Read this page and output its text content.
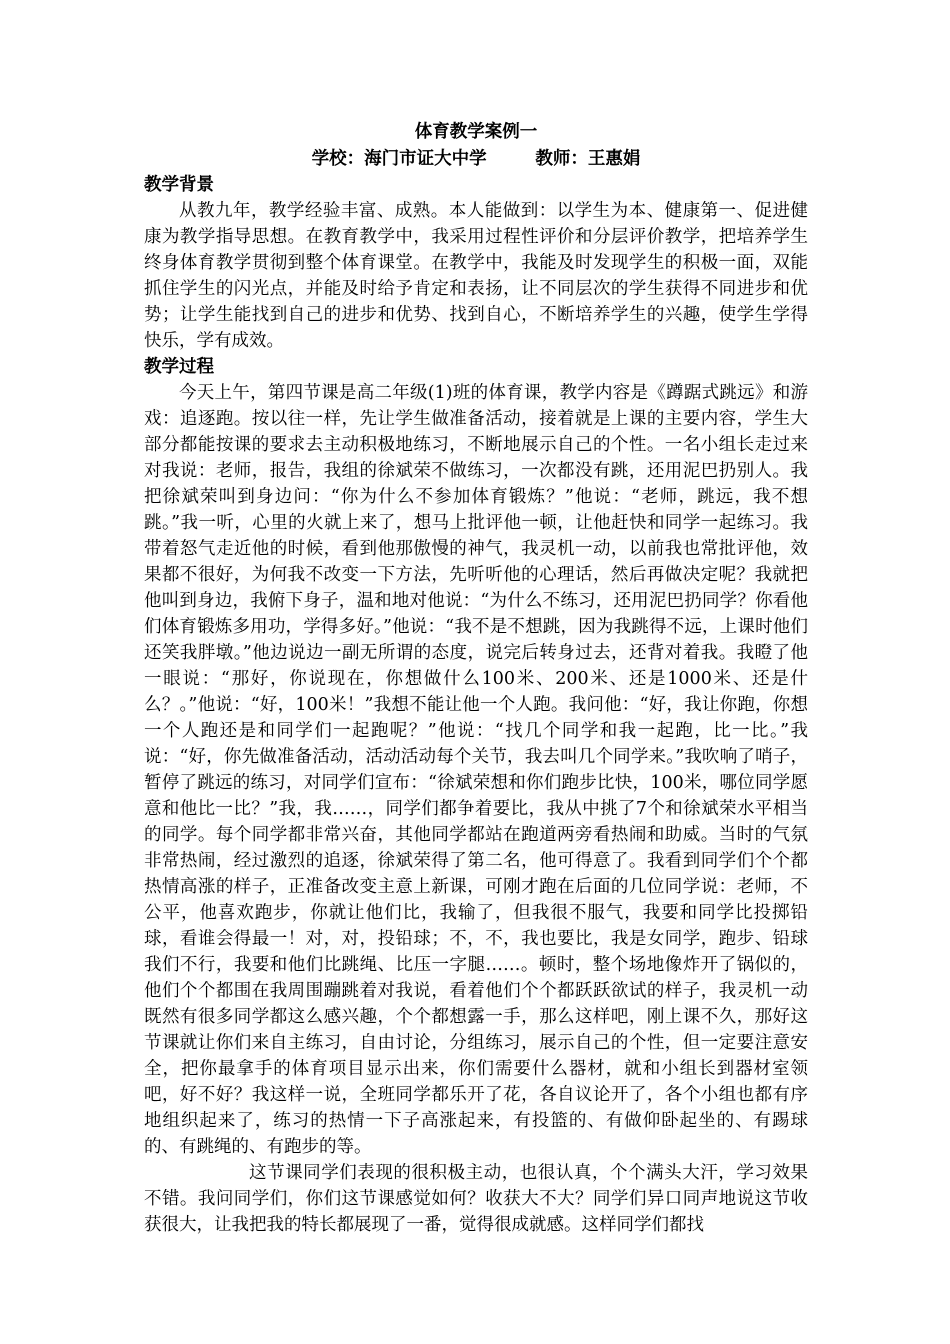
体育教学案例一
学校：海门市证大中学        教师：王惠娟
教学背景

从教九年，教学经验丰富、成熟。本人能做到：以学生为本、健康第一、促进健康为教学指导思想。在教育教学中，我采用过程性评价和分层评价教学，把培养学生终身体育教学贯彻到整个体育课堂。在教学中，我能及时发现学生的积极一面，双能抓住学生的闪光点，并能及时给予肯定和表扬，让不同层次的学生获得不同进步和优势；让学生能找到自己的进步和优势、找到自心，不断培养学生的兴趣，使学生学得快乐，学有成效。

教学过程

今天上午，第四节课是高二年级(1)班的体育课，教学内容是《蹲踞式跳远》和游戏：追逐跑。按以往一样，先让学生做准备活动，接着就是上课的主要内容，学生大部分都能按课的要求去主动积极地练习，不断地展示自己的个性。一名小组长走过来对我说：老师，报告，我组的徐斌荣不做练习，一次都没有跳，还用泥巴扔别人。我把徐斌荣叫到身边问：“你为什么不参加体育锻炼？”他说：“老师，跳远，我不想跳。”我一听，心里的火就上来了，想马上批评他一顿，让他赶快和同学一起练习。我带着怒气走近他的时候，看到他那傲慢的神气，我灵机一动，以前我也常批评他，效果都不很好，为何我不改变一下方法，先听听他的心理话，然后再做决定呢？我就把他叫到身边，我俯下身子，温和地对他说：“为什么不练习，还用泥巴扔同学？你看他们体育锻炼多用功，学得多好。”他说：“我不是不想跳，因为我跳得不远，上课时他们还笑我胖墩。”他边说边一副无所谓的态度，说完后转身过去，还背对着我。我瞪了他一眼说：“那好，你说现在，你想做什么100米、200米、还是1000米、还是什么？。”他说：“好，100米！”我想不能让他一个人跑。我问他：“好，我让你跑，你想一个人跑还是和同学们一起跑呢？”他说：“找几个同学和我一起跑，比一比。”我说：“好，你先做准备活动，活动活动每个关节，我去叫几个同学来。”我吹响了哨子，暂停了跳远的练习，对同学们宣布：“徐斌荣想和你们跑步比快，100米，哪位同学愿意和他比一比？”我，我……，同学们都争着要比，我从中挑了7个和徐斌荣水平相当的同学。每个同学都非常兴奋，其他同学都站在跑道两旁看热闹和助威。当时的气氛非常热闹，经过激烈的追逐，徐斌荣得了第二名，他可得意了。我看到同学们个个都热情高涨的样子，正准备改变主意上新课，可刚才跑在后面的几位同学说：老师，不公平，他喜欢跑步，你就让他们比，我输了，但我很不服气，我要和同学比投掷铅球，看谁会得最一！对，对，投铅球；不，不，我也要比，我是女同学，跑步、铅球我们不行，我要和他们比跳绳、比压一字腿……。顿时，整个场地像炸开了锅似的，他们个个都围在我周围蹦跳着对我说，看着他们个个都跃跃欲试的样子，我灵机一动既然有很多同学都这么感兴趣，个个都想露一手，那么这样吧，刚上课不久，那好这节课就让你们来自主练习，自由讨论，分组练习，展示自己的个性，但一定要注意安全，把你最拿手的体育项目显示出来，你们需要什么器材，就和小组长到器材室领吧，好不好？我这样一说，全班同学都乐开了花，各自议论开了，各个小组也都有序地组织起来了，练习的热情一下子高涨起来，有投篮的、有做仰卧起坐的、有踢球的、有跳绳的、有跑步的等。

这节课同学们表现的很积极主动，也很认真，个个满头大汗，学习效果不错。我问同学们，你们这节课感觉如何？收获大不大？同学们异口同声地说这节收获很大，让我把我的特长都展现了一番，觉得很成就感。这样同学们都找
